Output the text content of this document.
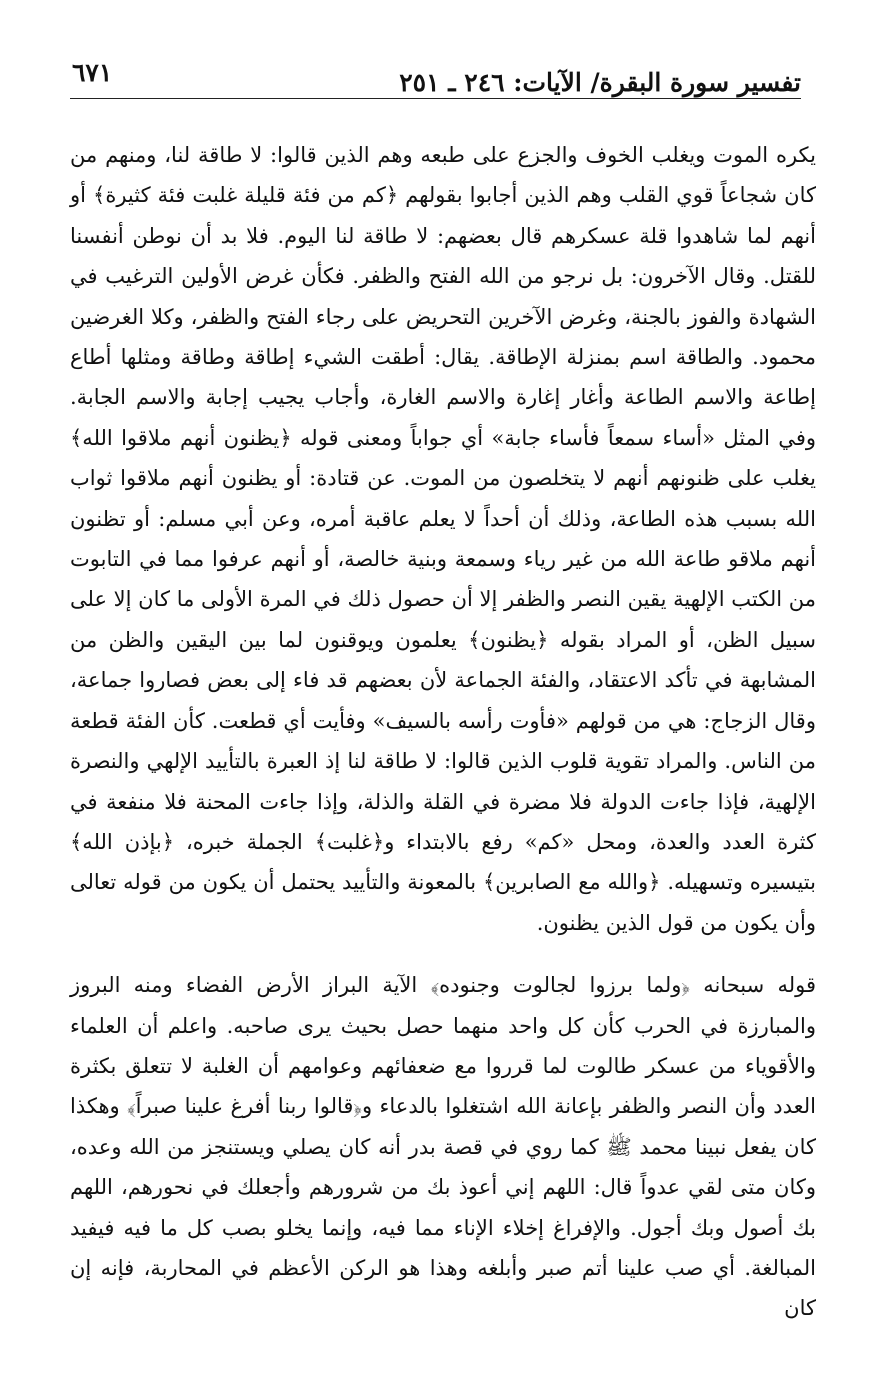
تفسير سورة البقرة/ الآيات: ٢٤٦ ـ ٢٥١
٦٧١

يكره الموت ويغلب الخوف والجزع على طبعه وهم الذين قالوا: لا طاقة لنا، ومنهم من كان شجاعاً قوي القلب وهم الذين أجابوا بقولهم ﴿كم من فئة قليلة غلبت فئة كثيرة﴾ أو أنهم لما شاهدوا قلة عسكرهم قال بعضهم: لا طاقة لنا اليوم. فلا بد أن نوطن أنفسنا للقتل. وقال الآخرون: بل نرجو من الله الفتح والظفر. فكأن غرض الأولين الترغيب في الشهادة والفوز بالجنة، وغرض الآخرين التحريض على رجاء الفتح والظفر، وكلا الغرضين محمود. والطاقة اسم بمنزلة الإطاقة. يقال: أطقت الشيء إطاقة وطاقة ومثلها أطاع إطاعة والاسم الطاعة وأغار إغارة والاسم الغارة، وأجاب يجيب إجابة والاسم الجابة. وفي المثل «أساء سمعاً فأساء جابة» أي جواباً ومعنى قوله ﴿يظنون أنهم ملاقوا الله﴾ يغلب على ظنونهم أنهم لا يتخلصون من الموت. عن قتادة: أو يظنون أنهم ملاقوا ثواب الله بسبب هذه الطاعة، وذلك أن أحداً لا يعلم عاقبة أمره، وعن أبي مسلم: أو تظنون أنهم ملاقو طاعة الله من غير رياء وسمعة وبنية خالصة، أو أنهم عرفوا مما في التابوت من الكتب الإلهية يقين النصر والظفر إلا أن حصول ذلك في المرة الأولى ما كان إلا على سبيل الظن، أو المراد بقوله ﴿يظنون﴾ يعلمون ويوقنون لما بين اليقين والظن من المشابهة في تأكد الاعتقاد، والفئة الجماعة لأن بعضهم قد فاء إلى بعض فصاروا جماعة، وقال الزجاج: هي من قولهم «فأوت رأسه بالسيف» وفأيت أي قطعت. كأن الفئة قطعة من الناس. والمراد تقوية قلوب الذين قالوا: لا طاقة لنا إذ العبرة بالتأييد الإلهي والنصرة الإلهية، فإذا جاءت الدولة فلا مضرة في القلة والذلة، وإذا جاءت المحنة فلا منفعة في كثرة العدد والعدة، ومحل «كم» رفع بالابتداء و﴿غلبت﴾ الجملة خبره، ﴿بإذن الله﴾ بتيسيره وتسهيله. ﴿والله مع الصابرين﴾ بالمعونة والتأييد يحتمل أن يكون من قوله تعالى وأن يكون من قول الذين يظنون.

قوله سبحانه ﴿ولما برزوا لجالوت وجنوده﴾ الآية البراز الأرض الفضاء ومنه البروز والمبارزة في الحرب كأن كل واحد منهما حصل بحيث يرى صاحبه. واعلم أن العلماء والأقوياء من عسكر طالوت لما قرروا مع ضعفائهم وعوامهم أن الغلبة لا تتعلق بكثرة العدد وأن النصر والظفر بإعانة الله اشتغلوا بالدعاء و﴿قالوا ربنا أفرغ علينا صبراً﴾ وهكذا كان يفعل نبينا محمد ﷺ كما روي في قصة بدر أنه كان يصلي ويستنجز من الله وعده، وكان متى لقي عدواً قال: اللهم إني أعوذ بك من شرورهم وأجعلك في نحورهم، اللهم بك أصول وبك أجول. والإفراغ إخلاء الإناء مما فيه، وإنما يخلو بصب كل ما فيه فيفيد المبالغة. أي صب علينا أتم صبر وأبلغه وهذا هو الركن الأعظم في المحاربة، فإنه إن كان
